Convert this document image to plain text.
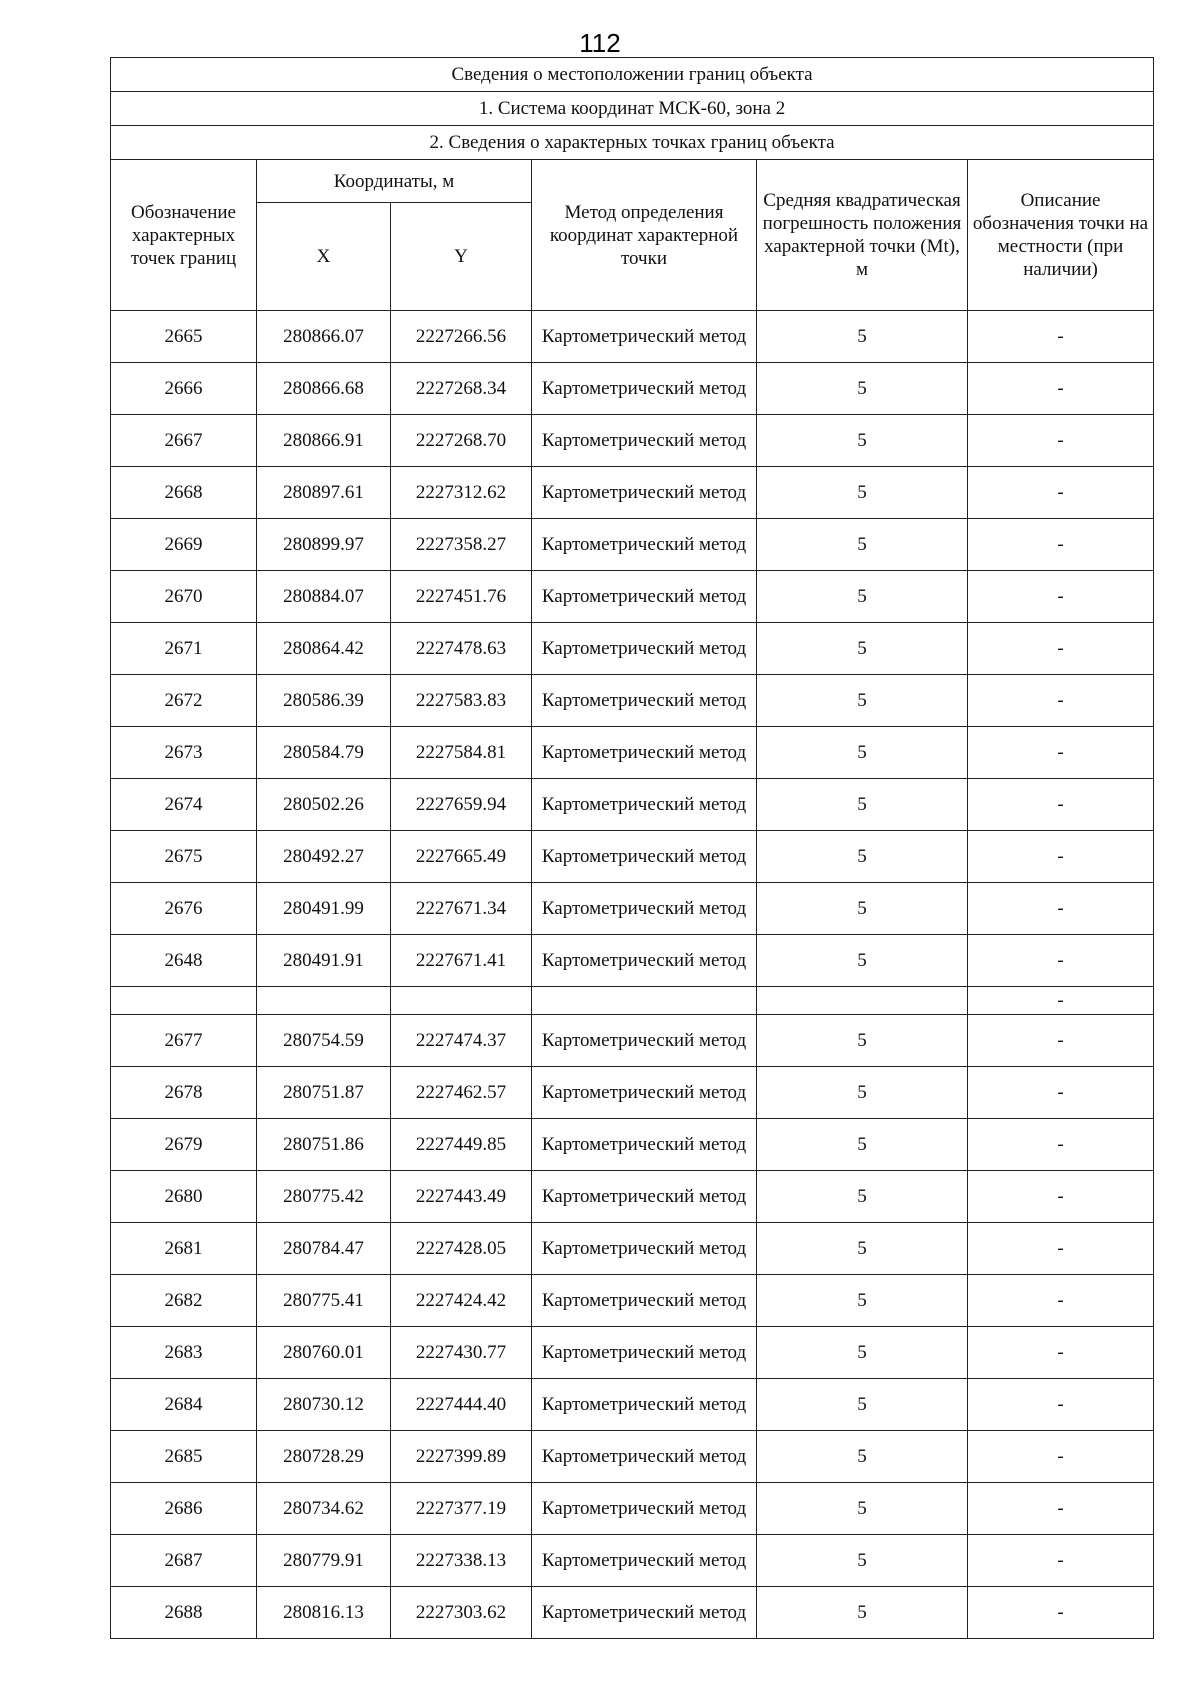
112
Сведения о местоположении границ объекта					
1. Система координат МСК-60, зона 2					
2. Сведения о характерных точках границ объекта					
Обозначение характерных точек границ	Координаты, м		Метод определения координат характерной точки	Средняя квадратическая погрешность положения характерной точки (Mt), м	Описание обозначения точки на местности (при наличии)
	X	Y			
2665	280866.07	2227266.56	Картометрический метод	5	-
2666	280866.68	2227268.34	Картометрический метод	5	-
2667	280866.91	2227268.70	Картометрический метод	5	-
2668	280897.61	2227312.62	Картометрический метод	5	-
2669	280899.97	2227358.27	Картометрический метод	5	-
2670	280884.07	2227451.76	Картометрический метод	5	-
2671	280864.42	2227478.63	Картометрический метод	5	-
2672	280586.39	2227583.83	Картометрический метод	5	-
2673	280584.79	2227584.81	Картометрический метод	5	-
2674	280502.26	2227659.94	Картометрический метод	5	-
2675	280492.27	2227665.49	Картометрический метод	5	-
2676	280491.99	2227671.34	Картометрический метод	5	-
2648	280491.91	2227671.41	Картометрический метод	5	-
					-
2677	280754.59	2227474.37	Картометрический метод	5	-
2678	280751.87	2227462.57	Картометрический метод	5	-
2679	280751.86	2227449.85	Картометрический метод	5	-
2680	280775.42	2227443.49	Картометрический метод	5	-
2681	280784.47	2227428.05	Картометрический метод	5	-
2682	280775.41	2227424.42	Картометрический метод	5	-
2683	280760.01	2227430.77	Картометрический метод	5	-
2684	280730.12	2227444.40	Картометрический метод	5	-
2685	280728.29	2227399.89	Картометрический метод	5	-
2686	280734.62	2227377.19	Картометрический метод	5	-
2687	280779.91	2227338.13	Картометрический метод	5	-
2688	280816.13	2227303.62	Картометрический метод	5	-
